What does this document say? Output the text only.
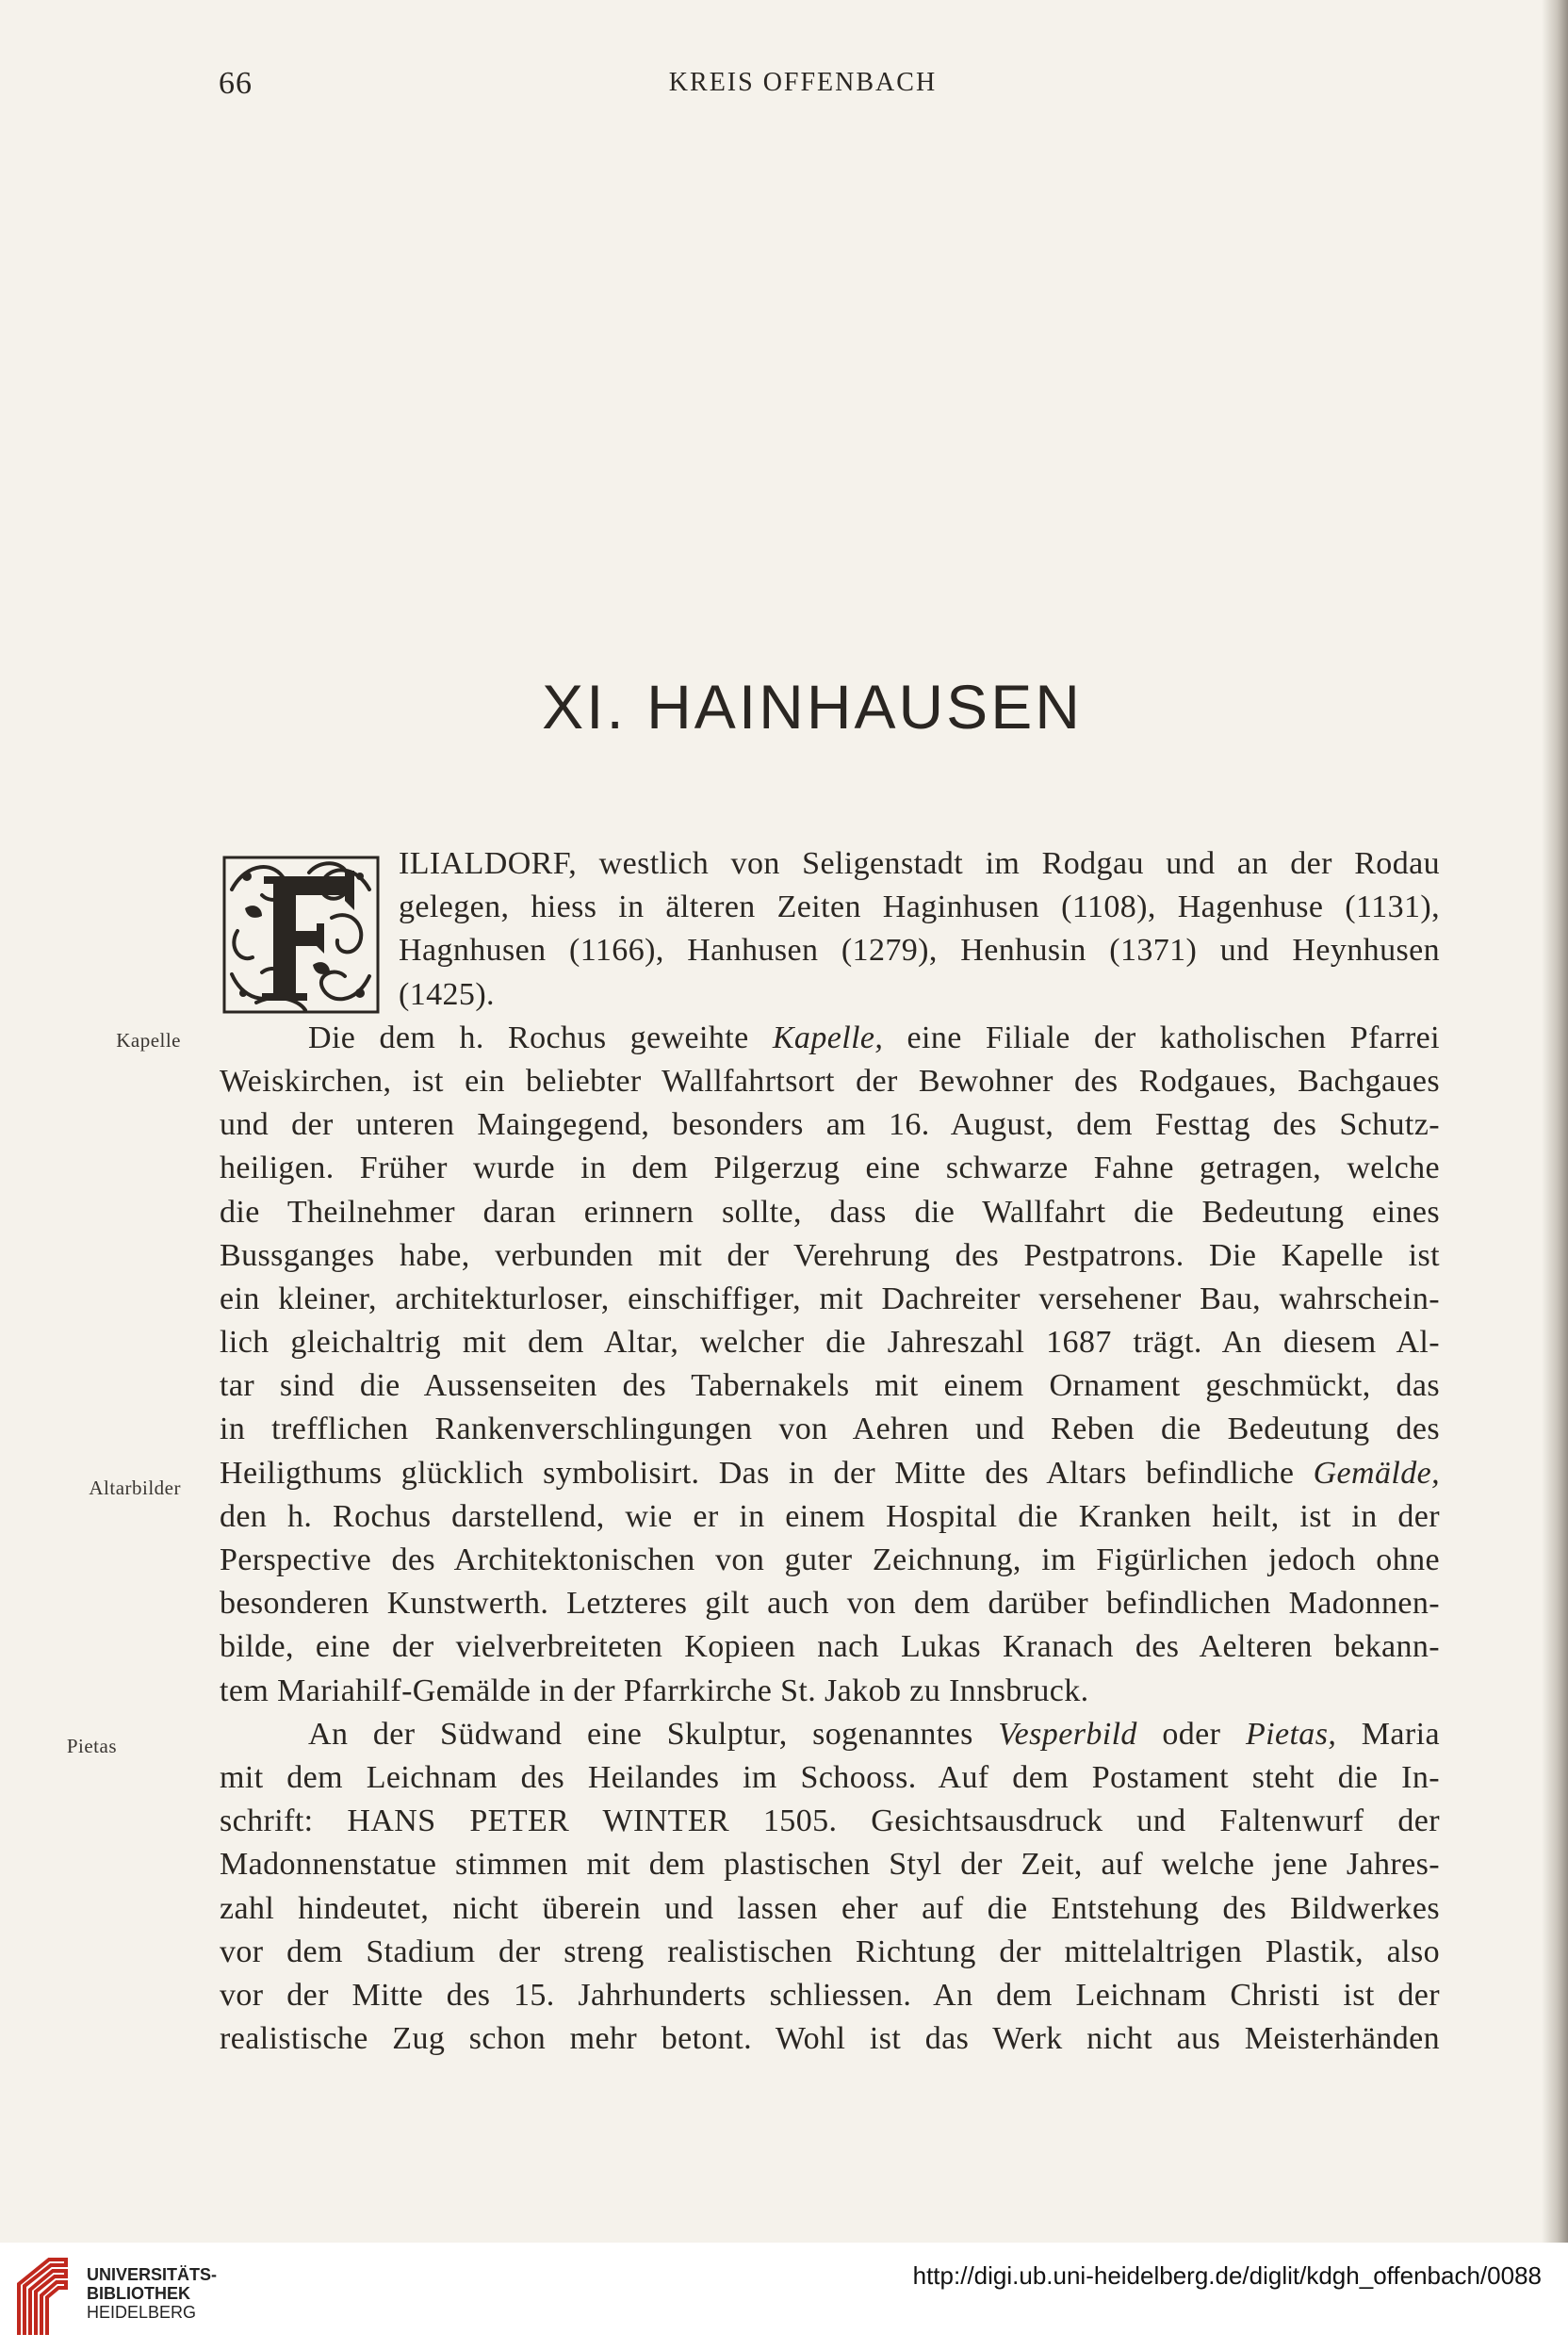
66	KREIS OFFENBACH
XI. HAINHAUSEN
Kapelle
Altarbilder
Pietas
ILIALDORF, westlich von Seligenstadt im Rodgau und an der Rodau
gelegen, hiess in älteren Zeiten Haginhusen (1108), Hagenhuse (1131),
Hagnhusen (1166), Hanhusen (1279), Henhusin (1371) und Heynhusen
(1425).
Die dem h. Rochus geweihte Kapelle, eine Filiale der katholischen Pfarrei
Weiskirchen, ist ein beliebter Wallfahrtsort der Bewohner des Rodgaues, Bachgaues
und der unteren Maingegend, besonders am 16. August, dem Festtag des Schutz-
heiligen. Früher wurde in dem Pilgerzug eine schwarze Fahne getragen, welche
die Theilnehmer daran erinnern sollte, dass die Wallfahrt die Bedeutung eines
Bussganges habe, verbunden mit der Verehrung des Pestpatrons. Die Kapelle ist
ein kleiner, architekturloser, einschiffiger, mit Dachreiter versehener Bau, wahrschein-
lich gleichaltrig mit dem Altar, welcher die Jahreszahl 1687 trägt. An diesem Al-
tar sind die Aussenseiten des Tabernakels mit einem Ornament geschmückt, das
in trefflichen Rankenverschlingungen von Aehren und Reben die Bedeutung des
Heiligthums glücklich symbolisirt. Das in der Mitte des Altars befindliche Gemälde,
den h. Rochus darstellend, wie er in einem Hospital die Kranken heilt, ist in der
Perspective des Architektonischen von guter Zeichnung, im Figürlichen jedoch ohne
besonderen Kunstwerth. Letzteres gilt auch von dem darüber befindlichen Madonnen-
bilde, eine der vielverbreiteten Kopieen nach Lukas Kranach des Aelteren bekann-
tem Mariahilf-Gemälde in der Pfarrkirche St. Jakob zu Innsbruck.
An der Südwand eine Skulptur, sogenanntes Vesperbild oder Pietas, Maria
mit dem Leichnam des Heilandes im Schooss. Auf dem Postament steht die In-
schrift: HANS PETER WINTER 1505. Gesichtsausdruck und Faltenwurf der
Madonnenstatue stimmen mit dem plastischen Styl der Zeit, auf welche jene Jahres-
zahl hindeutet, nicht überein und lassen eher auf die Entstehung des Bildwerkes
vor dem Stadium der streng realistischen Richtung der mittelaltrigen Plastik, also
vor der Mitte des 15. Jahrhunderts schliessen. An dem Leichnam Christi ist der
realistische Zug schon mehr betont. Wohl ist das Werk nicht aus Meisterhänden
UNIVERSITÄTS-
BIBLIOTHEK
HEIDELBERG
http://digi.ub.uni-heidelberg.de/diglit/kdgh_offenbach/0088
